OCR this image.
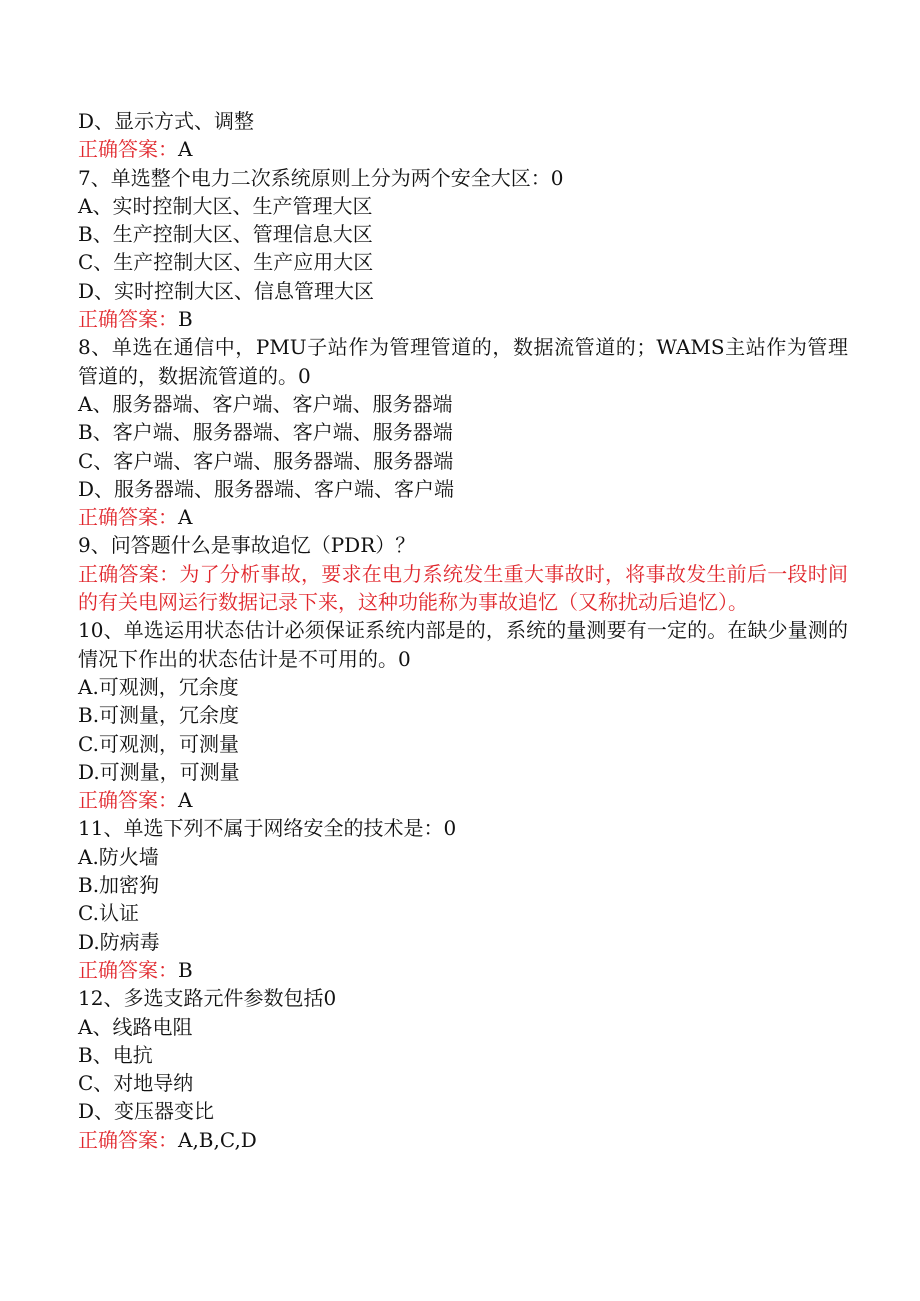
D、显示方式、调整
正确答案：A
7、单选整个电力二次系统原则上分为两个安全大区：0
A、实时控制大区、生产管理大区
B、生产控制大区、管理信息大区
C、生产控制大区、生产应用大区
D、实时控制大区、信息管理大区
正确答案：B
8、单选在通信中，PMU子站作为管理管道的，数据流管道的；WAMS主站作为管理管道的，数据流管道的。0
A、服务器端、客户端、客户端、服务器端
B、客户端、服务器端、客户端、服务器端
C、客户端、客户端、服务器端、服务器端
D、服务器端、服务器端、客户端、客户端
正确答案：A
9、问答题什么是事故追忆（PDR）？
正确答案：为了分析事故，要求在电力系统发生重大事故时，将事故发生前后一段时间的有关电网运行数据记录下来，这种功能称为事故追忆（又称扰动后追忆）。
10、单选运用状态估计必须保证系统内部是的，系统的量测要有一定的。在缺少量测的情况下作出的状态估计是不可用的。0
A.可观测，冗余度
B.可测量，冗余度
C.可观测，可测量
D.可测量，可测量
正确答案：A
11、单选下列不属于网络安全的技术是：0
A.防火墙
B.加密狗
C.认证
D.防病毒
正确答案：B
12、多选支路元件参数包括0
A、线路电阻
B、电抗
C、对地导纳
D、变压器变比
正确答案：A,B,C,D
